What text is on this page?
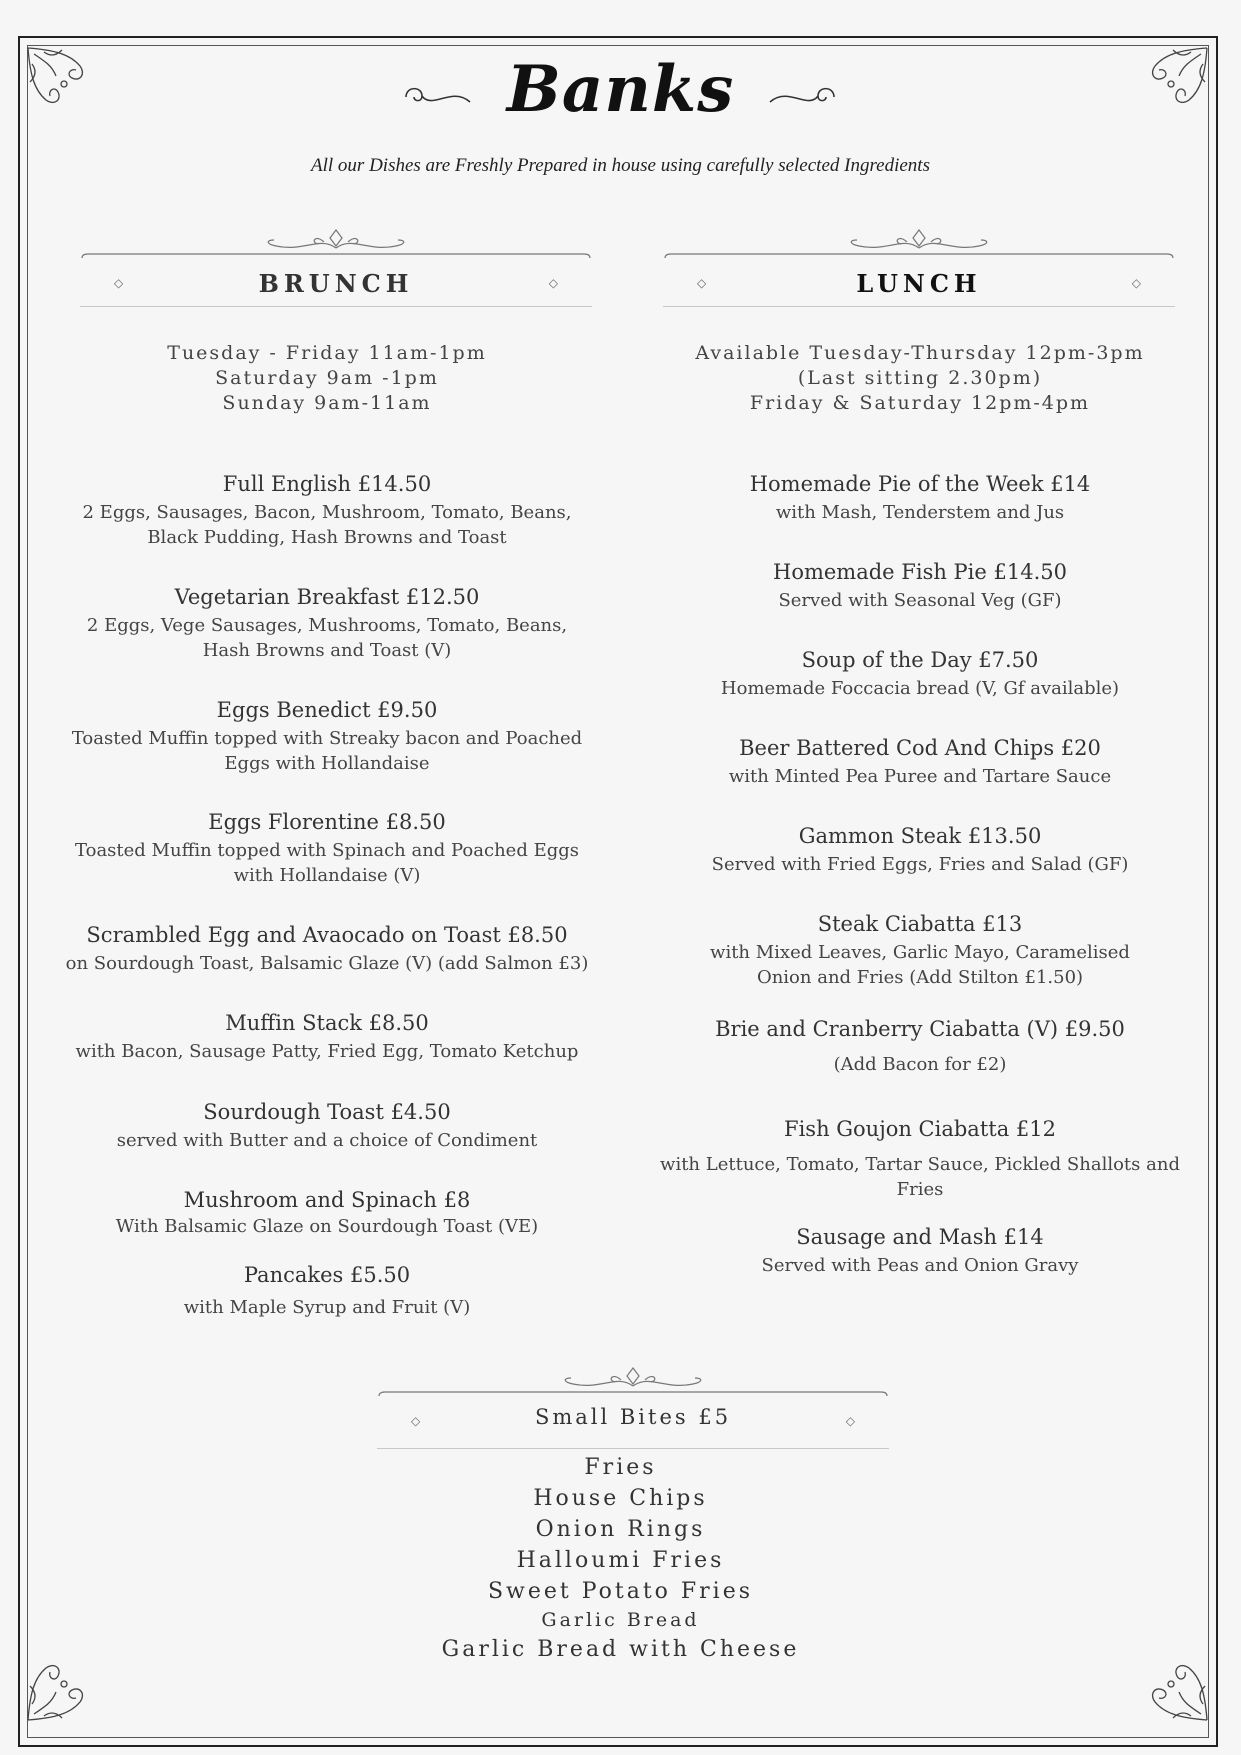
Banks
All our Dishes are Freshly Prepared in house using carefully selected Ingredients
◇	BRUNCH	◇	◇	LUNCH	◇
Tuesday - Friday 11am-1pm
Saturday 9am -1pm
Sunday 9am-11am
Full English £14.50
2 Eggs, Sausages, Bacon, Mushroom, Tomato, Beans, Black Pudding, Hash Browns and Toast
Vegetarian Breakfast £12.50
2 Eggs, Vege Sausages, Mushrooms, Tomato, Beans, Hash Browns and Toast (V)
Eggs Benedict £9.50
Toasted Muffin topped with Streaky bacon and Poached Eggs with Hollandaise
Eggs Florentine £8.50
Toasted Muffin topped with Spinach and Poached Eggs with Hollandaise (V)
Scrambled Egg and Avaocado on Toast £8.50
on Sourdough Toast, Balsamic Glaze (V) (add Salmon £3)
Muffin Stack £8.50
with Bacon, Sausage Patty, Fried Egg, Tomato Ketchup
Sourdough Toast £4.50
served with Butter and a choice of Condiment
Mushroom and Spinach £8
With Balsamic Glaze on Sourdough Toast (VE)
Pancakes £5.50
with Maple Syrup and Fruit (V)
Available Tuesday-Thursday 12pm-3pm
(Last sitting 2.30pm)
Friday & Saturday 12pm-4pm
Homemade Pie of the Week £14
with Mash, Tenderstem and Jus
Homemade Fish Pie £14.50
Served with Seasonal Veg (GF)
Soup of the Day £7.50
Homemade Foccacia bread (V, Gf available)
Beer Battered Cod And Chips £20
with Minted Pea Puree and Tartare Sauce
Gammon Steak £13.50
Served with Fried Eggs, Fries and Salad (GF)
Steak Ciabatta £13
with Mixed Leaves, Garlic Mayo, Caramelised Onion and Fries (Add Stilton £1.50)
Brie and Cranberry Ciabatta (V) £9.50
(Add Bacon for £2)
Fish Goujon Ciabatta £12
with Lettuce, Tomato, Tartar Sauce, Pickled Shallots and Fries
Sausage and Mash £14
Served with Peas and Onion Gravy
◇	Small Bites £5	◇
Fries
House Chips
Onion Rings
Halloumi Fries
Sweet Potato Fries
Garlic Bread
Garlic Bread with Cheese
